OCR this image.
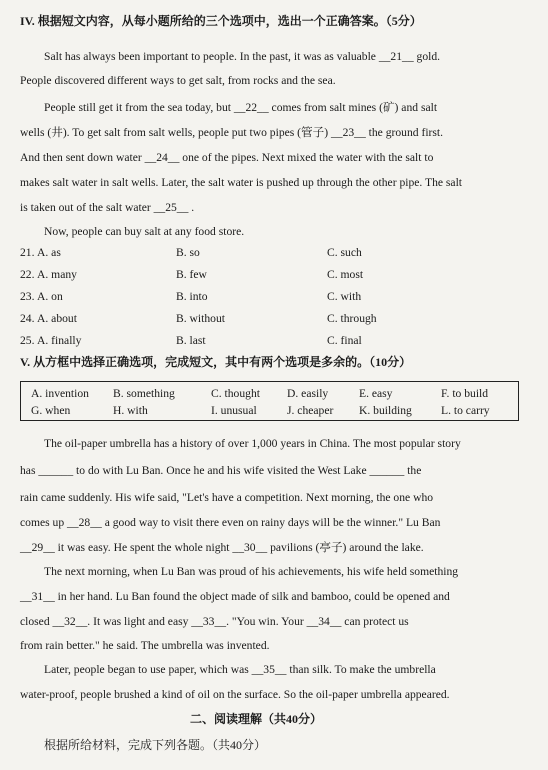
IV. 根据短文内容，从每小题所给的三个选项中，选出一个正确答案。（5分）
Salt has always been important to people. In the past, it was as valuable __21__ gold.
People discovered different ways to get salt, from rocks and the sea.
People still get it from the sea today, but __22__ comes from salt mines (矿) and salt
wells (井). To get salt from salt wells, people put two pipes (管子) __23__ the ground first.
And then sent down water __24__ one of the pipes. Next mixed the water with the salt to
makes salt water in salt wells. Later, the salt water is pushed up through the other pipe. The salt
is taken out of the salt water __25__ .
Now, people can buy salt at any food store.
21. A. as	B. so	C. such
22. A. many	B. few	C. most
23. A. on	B. into	C. with
24. A. about	B. without	C. through
25. A. finally	B. last	C. final
V. 从方框中选择正确选项，完成短文，其中有两个选项是多余的。（10分）
A. invention B. something	C. thought D. easily	E. easy	F. to build
G. when	H. with	I. unusual	J. cheaper K. building	L. to carry
The oil-paper umbrella has a history of over 1,000 years in China. The most popular story
has ______ to do with Lu Ban. Once he and his wife visited the West Lake ______ the
rain came suddenly. His wife said, "Let's have a competition. Next morning, the one who
comes up __28__ a good way to visit there even on rainy days will be the winner." Lu Ban
__29__ it was easy. He spent the whole night __30__ pavilions (亭子) around the lake.
The next morning, when Lu Ban was proud of his achievements, his wife held something
__31__ in her hand. Lu Ban found the object made of silk and bamboo, could be opened and
closed __32__. It was light and easy __33__. "You win. Your __34__ can protect us
from rain better." he said. The umbrella was invented.
Later, people began to use paper, which was __35__ than silk. To make the umbrella
water-proof, people brushed a kind of oil on the surface. So the oil-paper umbrella appeared.
二、阅读理解（共40分）
根据所给材料，完成下列各题。（共40分）
